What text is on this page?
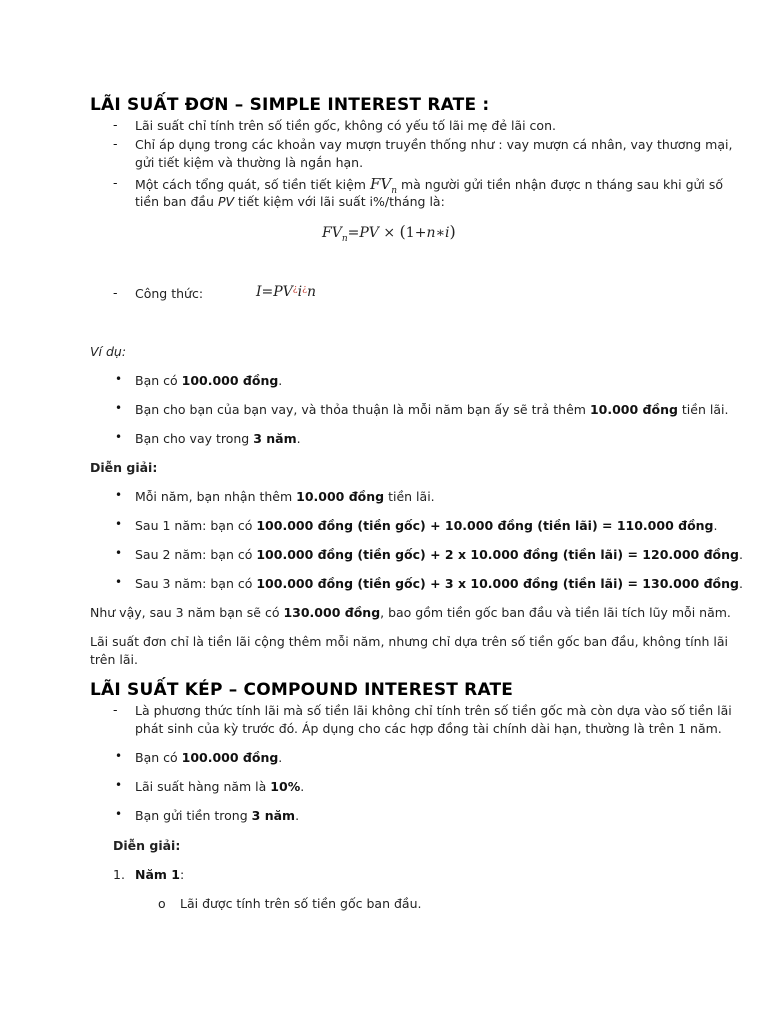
LÃI SUẤT ĐƠN – SIMPLE INTEREST RATE :
- Lãi suất chỉ tính trên số tiền gốc, không có yếu tố lãi mẹ đẻ lãi con.
- Chỉ áp dụng trong các khoản vay mượn truyền thống như : vay mượn cá nhân, vay thương mại,
gửi tiết kiệm và thường là ngắn hạn.
- Một cách tổng quát, số tiền tiết kiệm $FV_n$ mà người gửi tiền nhận được n tháng sau khi gửi số
tiền ban đầu PV tiết kiệm với lãi suất i%/tháng là:
$FV_n=PV$ × (1+n∗i)
- Công thức:	I=PV¿i¿n
Ví dụ:
• Bạn có 100.000 đồng.
• Bạn cho bạn của bạn vay, và thỏa thuận là mỗi năm bạn ấy sẽ trả thêm 10.000 đồng tiền lãi.
• Bạn cho vay trong 3 năm.
Diễn giải:
• Mỗi năm, bạn nhận thêm 10.000 đồng tiền lãi.
• Sau 1 năm: bạn có 100.000 đồng (tiền gốc) + 10.000 đồng (tiền lãi) = 110.000 đồng.
• Sau 2 năm: bạn có 100.000 đồng (tiền gốc) + 2 x 10.000 đồng (tiền lãi) = 120.000 đồng.
• Sau 3 năm: bạn có 100.000 đồng (tiền gốc) + 3 x 10.000 đồng (tiền lãi) = 130.000 đồng.
Như vậy, sau 3 năm bạn sẽ có 130.000 đồng, bao gồm tiền gốc ban đầu và tiền lãi tích lũy mỗi năm.
Lãi suất đơn chỉ là tiền lãi cộng thêm mỗi năm, nhưng chỉ dựa trên số tiền gốc ban đầu, không tính lãi
trên lãi.
LÃI SUẤT KÉP – COMPOUND INTEREST RATE
- Là phương thức tính lãi mà số tiền lãi không chỉ tính trên số tiền gốc mà còn dựa vào số tiền lãi
phát sinh của kỳ trước đó. Áp dụng cho các hợp đồng tài chính dài hạn, thường là trên 1 năm.
• Bạn có 100.000 đồng.
• Lãi suất hàng năm là 10%.
• Bạn gửi tiền trong 3 năm.
Diễn giải:
1. Năm 1:
o Lãi được tính trên số tiền gốc ban đầu.
